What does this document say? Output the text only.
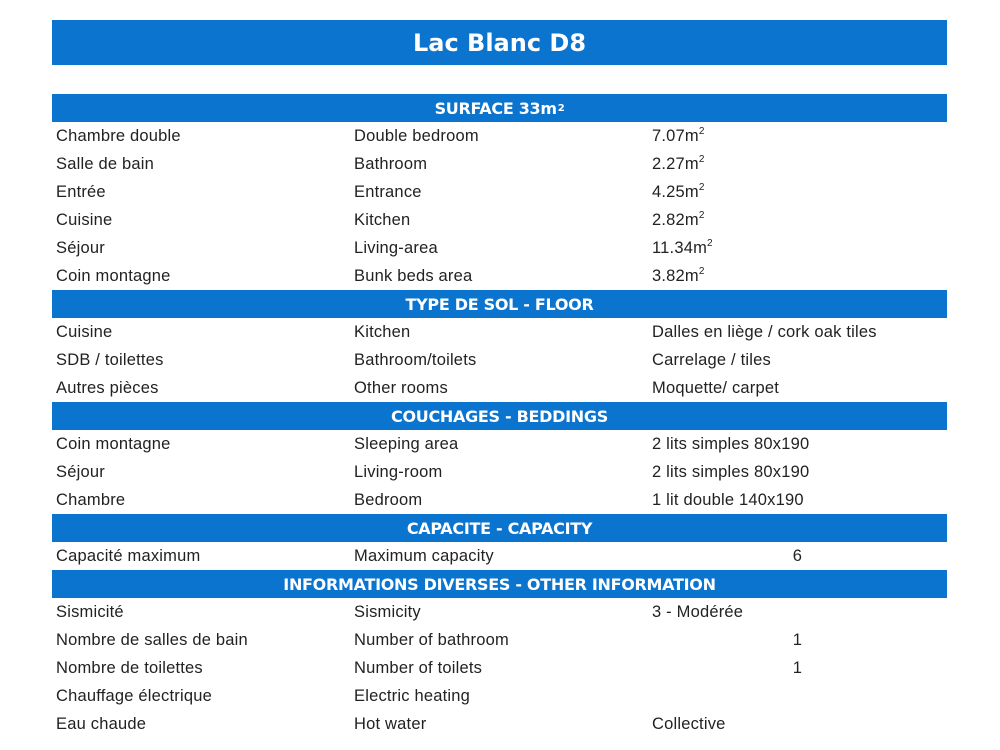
Lac Blanc D8
SURFACE 33m 2
Chambre double	Double bedroom	$7.07m^2$
Salle de bain	Bathroom	$2.27m^2$
Entrée	Entrance	$4.25m^2$
Cuisine	Kitchen	$2.82m^2$
Séjour	Living-area	$11.34m^2$
Coin montagne	Bunk beds area	$3.82m^2$
TYPE DE SOL - FLOOR
Cuisine	Kitchen	Dalles en liège / cork oak tiles
SDB / toilettes	Bathroom/toilets	Carrelage / tiles
Autres pièces	Other rooms	Moquette/ carpet
COUCHAGES - BEDDINGS
Coin montagne	Sleeping area	2 lits simples 80x190
Séjour	Living-room	2 lits simples 80x190
Chambre	Bedroom	1 lit double 140x190
CAPACITE - CAPACITY
Capacité maximum	Maximum capacity	6
INFORMATIONS DIVERSES - OTHER INFORMATION
Sismicité	Sismicity	3 - Modérée
Nombre de salles de bain	Number of bathroom	1
Nombre de toilettes	Number of toilets	1
Chauffage électrique	Electric heating
Eau chaude	Hot water	Collective
